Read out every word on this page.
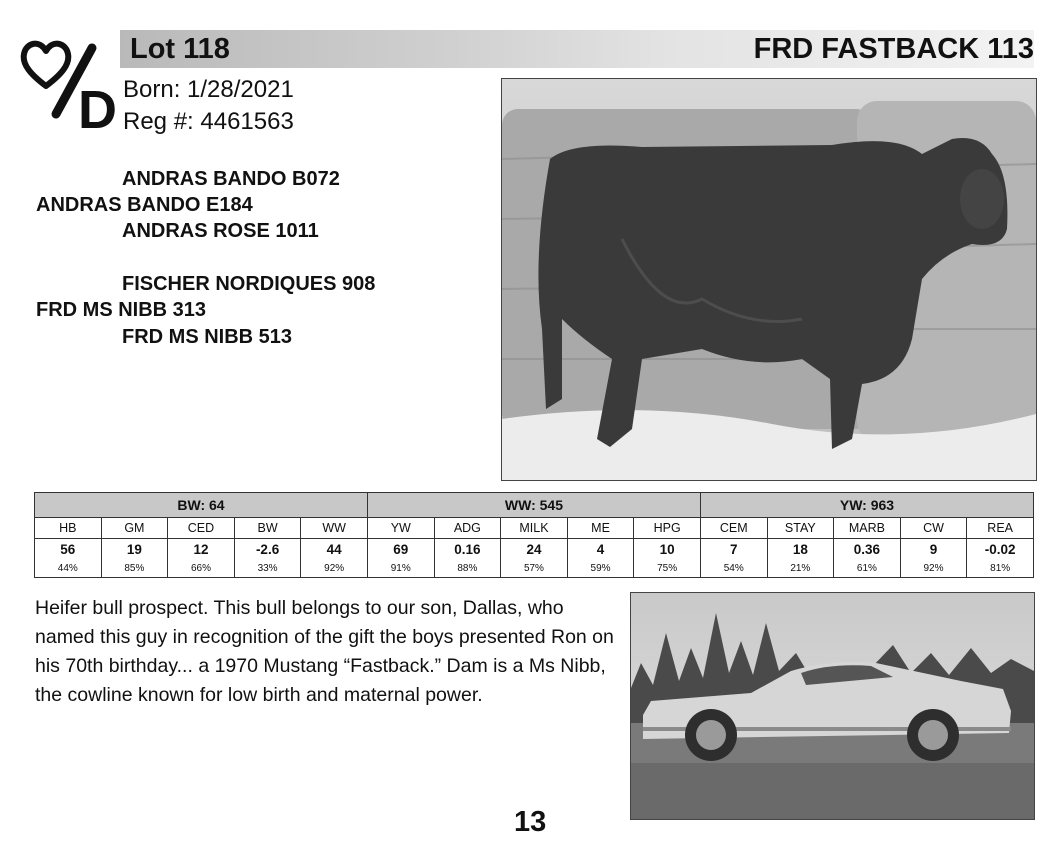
Lot 118	FRD FASTBACK 113
D Born: 1/28/2021
Reg #: 4461563
ANDRAS BANDO B072
ANDRAS BANDO E184
ANDRAS ROSE 1011
FISCHER NORDIQUES 908
FRD MS NIBB 313
FRD MS NIBB 513
BW: 64					WW: 545					YW: 963				
HB	GM	CED	BW	WW	YW	ADG	MILK	ME	HPG	CEM	STAY	MARB	CW	REA
56	19	12	-2.6	44	69	0.16	24	4	10	7	18	0.36	9	-0.02
44%	85%	66%	33%	92%	91%	88%	57%	59%	75%	54%	21%	61%	92%	81%
Heifer bull prospect. This bull belongs to our son, Dallas, who named this guy in recognition of the gift the boys presented Ron on his 70th birthday... a 1970 Mustang “Fastback.” Dam is a Ms Nibb, the cowline known for low birth and maternal power.
13
